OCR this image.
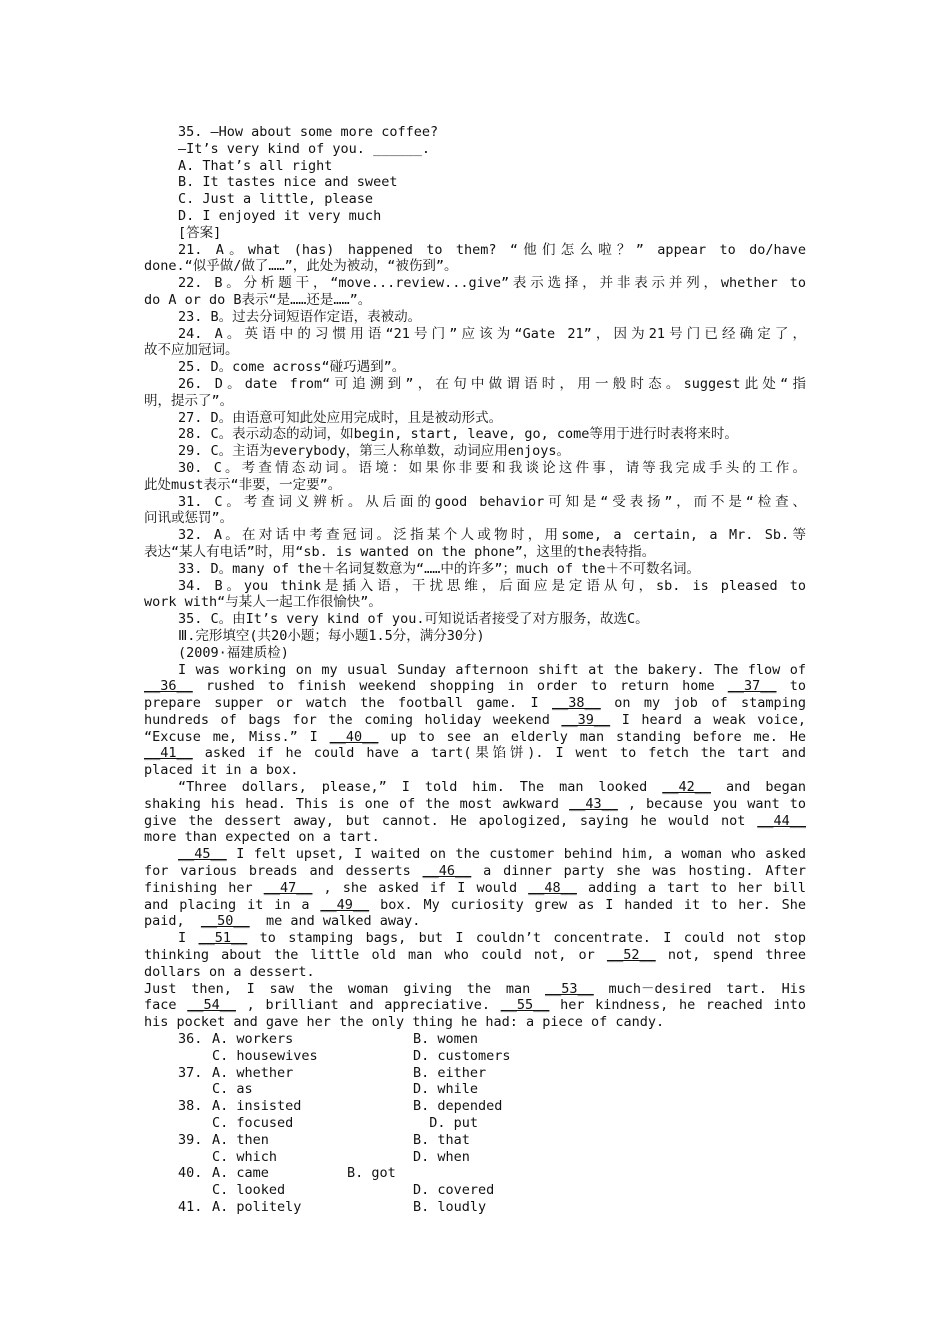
35. —How about some more coffee?
—It’s very kind of you. ______.
A. That’s all right
B. It tastes nice and sweet
C. Just a little, please
D. I enjoyed it very much
[答案]
21. A。what (has) happened to them? “他们怎么啦？” appear to do/have
done.“似乎做/做了……”，此处为被动，“被伤到”。
22. B。分析题干，“move...review...give”表示选择，并非表示并列，whether to
do A or do B表示“是……还是……”。
23. B。过去分词短语作定语，表被动。
24. A。英语中的习惯用语“21号门”应该为“Gate 21”，因为21号门已经确定了，
故不应加冠词。
25. D。come across“碰巧遇到”。
26. D。date from“可追溯到”，在句中做谓语时，用一般时态。suggest此处“指
明，提示了”。
27. D。由语意可知此处应用完成时，且是被动形式。
28. C。表示动态的动词，如begin, start, leave, go, come等用于进行时表将来时。
29. C。主语为everybody，第三人称单数，动词应用enjoys。
30. C。考查情态动词。语境：如果你非要和我谈论这件事，请等我完成手头的工作。
此处must表示“非要，一定要”。
31. C。考查词义辨析。从后面的good behavior可知是“受表扬”，而不是“检查、
问讯或惩罚”。
32. A。在对话中考查冠词。泛指某个人或物时，用some, a certain, a Mr. Sb.等
表达“某人有电话”时，用“sb. is wanted on the phone”，这里的the表特指。
33. D。many of the＋名词复数意为“……中的许多”；much of the＋不可数名词。
34. B。you think是插入语，干扰思维，后面应是定语从句，sb. is pleased to
work with“与某人一起工作很愉快”。
35. C。由It’s very kind of you.可知说话者接受了对方服务，故选C。
Ⅲ.完形填空(共20小题；每小题1.5分，满分30分)
(2009·福建质检)
I was working on my usual Sunday afternoon shift at the bakery. The flow of
__36__ rushed to finish weekend shopping in order to return home __37__ to
prepare supper or watch the football game. I __38__ on my job of stamping
hundreds of bags for the coming holiday weekend __39__ I heard a weak voice,
“Excuse me, Miss.” I __40__ up to see an elderly man standing before me. He
__41__ asked if he could have a tart(果馅饼). I went to fetch the tart and
placed it in a box.
“Three dollars, please,” I told him. The man looked __42__ and began
shaking his head. This is one of the most awkward __43__ , because you want to
give the dessert away, but cannot. He apologized, saying he would not __44__
more than expected on a tart.
__45__ I felt upset, I waited on the customer behind him, a woman who asked
for various breads and desserts __46__ a dinner party she was hosting. After
finishing her __47__ , she asked if I would __48__ adding a tart to her bill
and placing it in a __49__ box. My curiosity grew as I handed it to her. She
paid,  __50__  me and walked away.
I __51__ to stamping bags, but I couldn’t concentrate. I could not stop
thinking about the little old man who could not, or __52__ not, spend three
dollars on a dessert.
Just then, I saw the woman giving the man __53__ much－desired tart. His
face __54__ , brilliant and appreciative. __55__ her kindness, he reached into
his pocket and gave her the only thing he had: a piece of candy.
36. A. workers	B. women
C. housewives	D. customers
37. A. whether	B. either
C. as	D. while
38. A. insisted	B. depended
C. focused	D. put
39. A. then	B. that
C. which	D. when
40. A. came	B. got
C. looked	D. covered
41. A. politely	B. loudly
